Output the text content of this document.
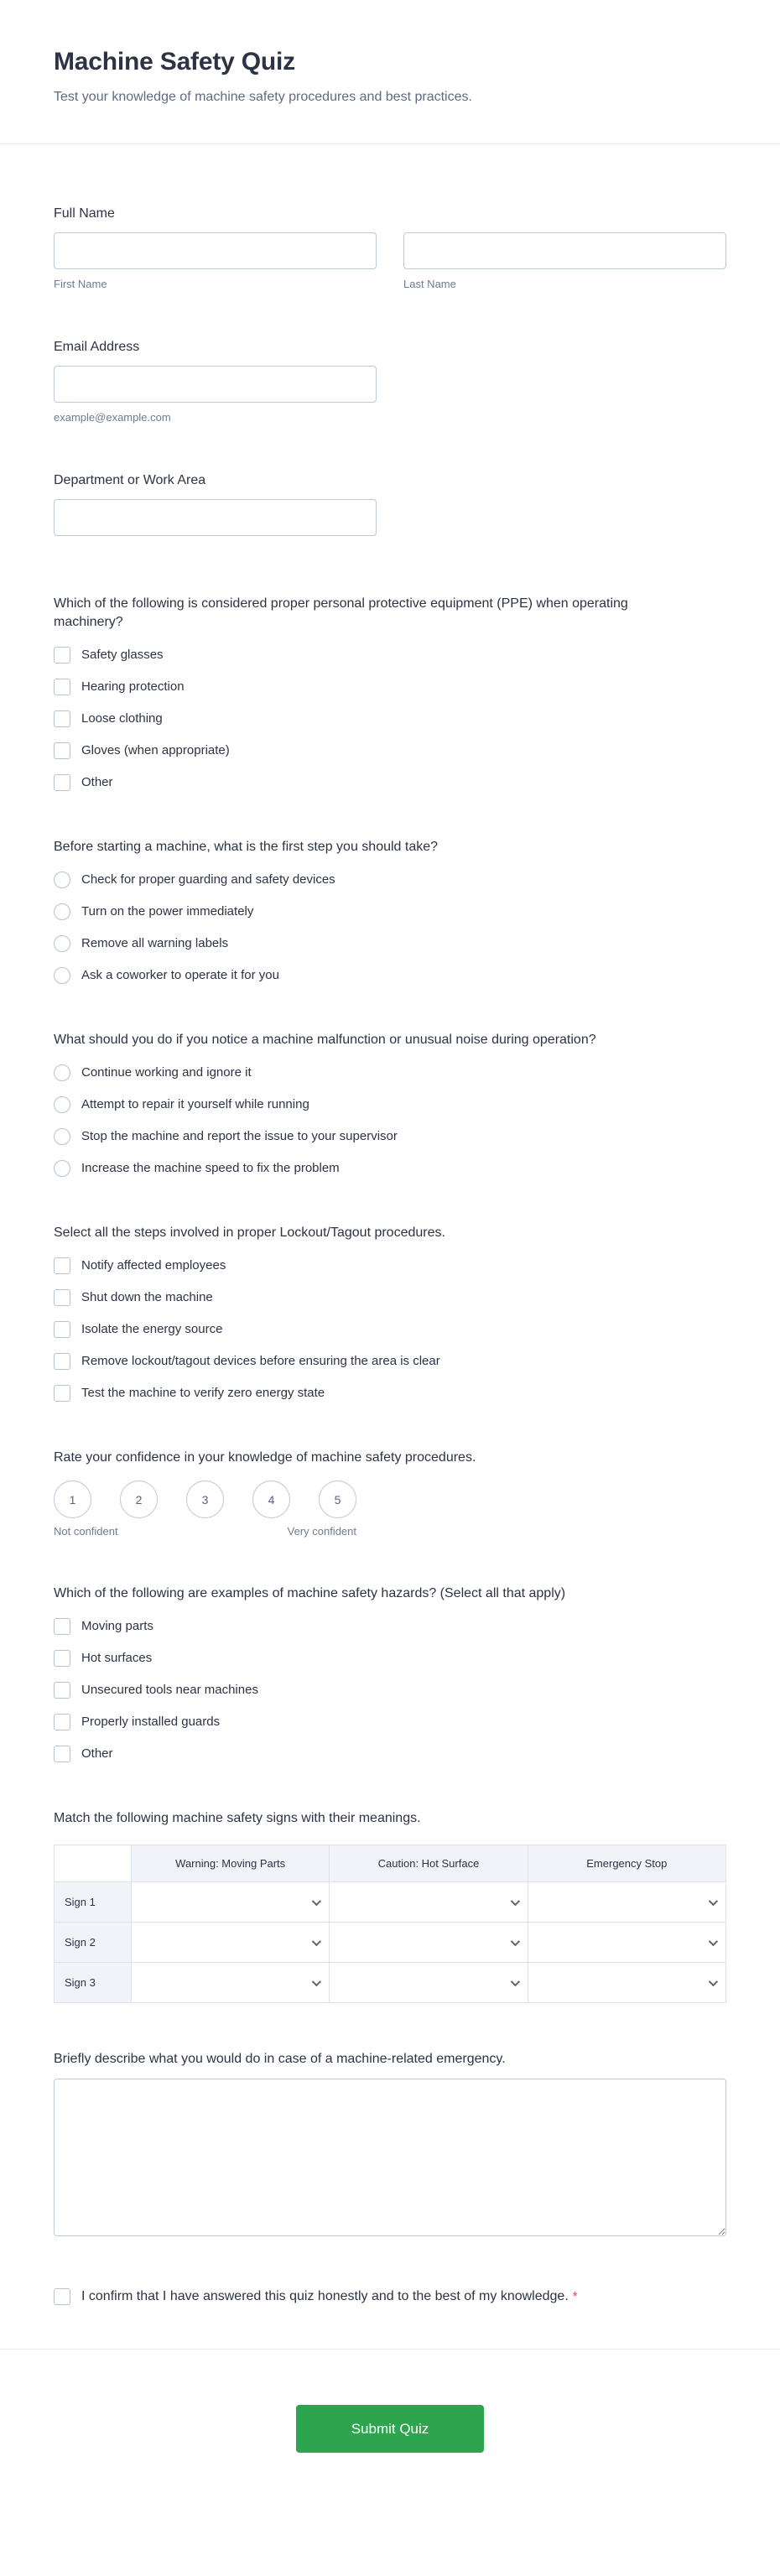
Machine Safety Quiz

Test your knowledge of machine safety procedures and best practices.

Full Name
First Name	Last Name
Email Address
example@example.com
Department or Work Area
Which of the following is considered proper personal protective equipment (PPE) when operating machinery?
Safety glasses
Hearing protection
Loose clothing
Gloves (when appropriate)
Other
Before starting a machine, what is the first step you should take?
Check for proper guarding and safety devices
Turn on the power immediately
Remove all warning labels
Ask a coworker to operate it for you
What should you do if you notice a machine malfunction or unusual noise during operation?
Continue working and ignore it
Attempt to repair it yourself while running
Stop the machine and report the issue to your supervisor
Increase the machine speed to fix the problem
Select all the steps involved in proper Lockout/Tagout procedures.
Notify affected employees
Shut down the machine
Isolate the energy source
Remove lockout/tagout devices before ensuring the area is clear
Test the machine to verify zero energy state
Rate your confidence in your knowledge of machine safety procedures.
1	2	3	4	5
Not confident	Very confident
Which of the following are examples of machine safety hazards? (Select all that apply)
Moving parts
Hot surfaces
Unsecured tools near machines
Properly installed guards
Other
Match the following machine safety signs with their meanings.
	Warning: Moving Parts	Caution: Hot Surface	Emergency Stop
Sign 1	

Sign 2	

Sign 3	

Briefly describe what you would do in case of a machine-related emergency.
I confirm that I have answered this quiz honestly and to the best of my knowledge. *
Submit Quiz
